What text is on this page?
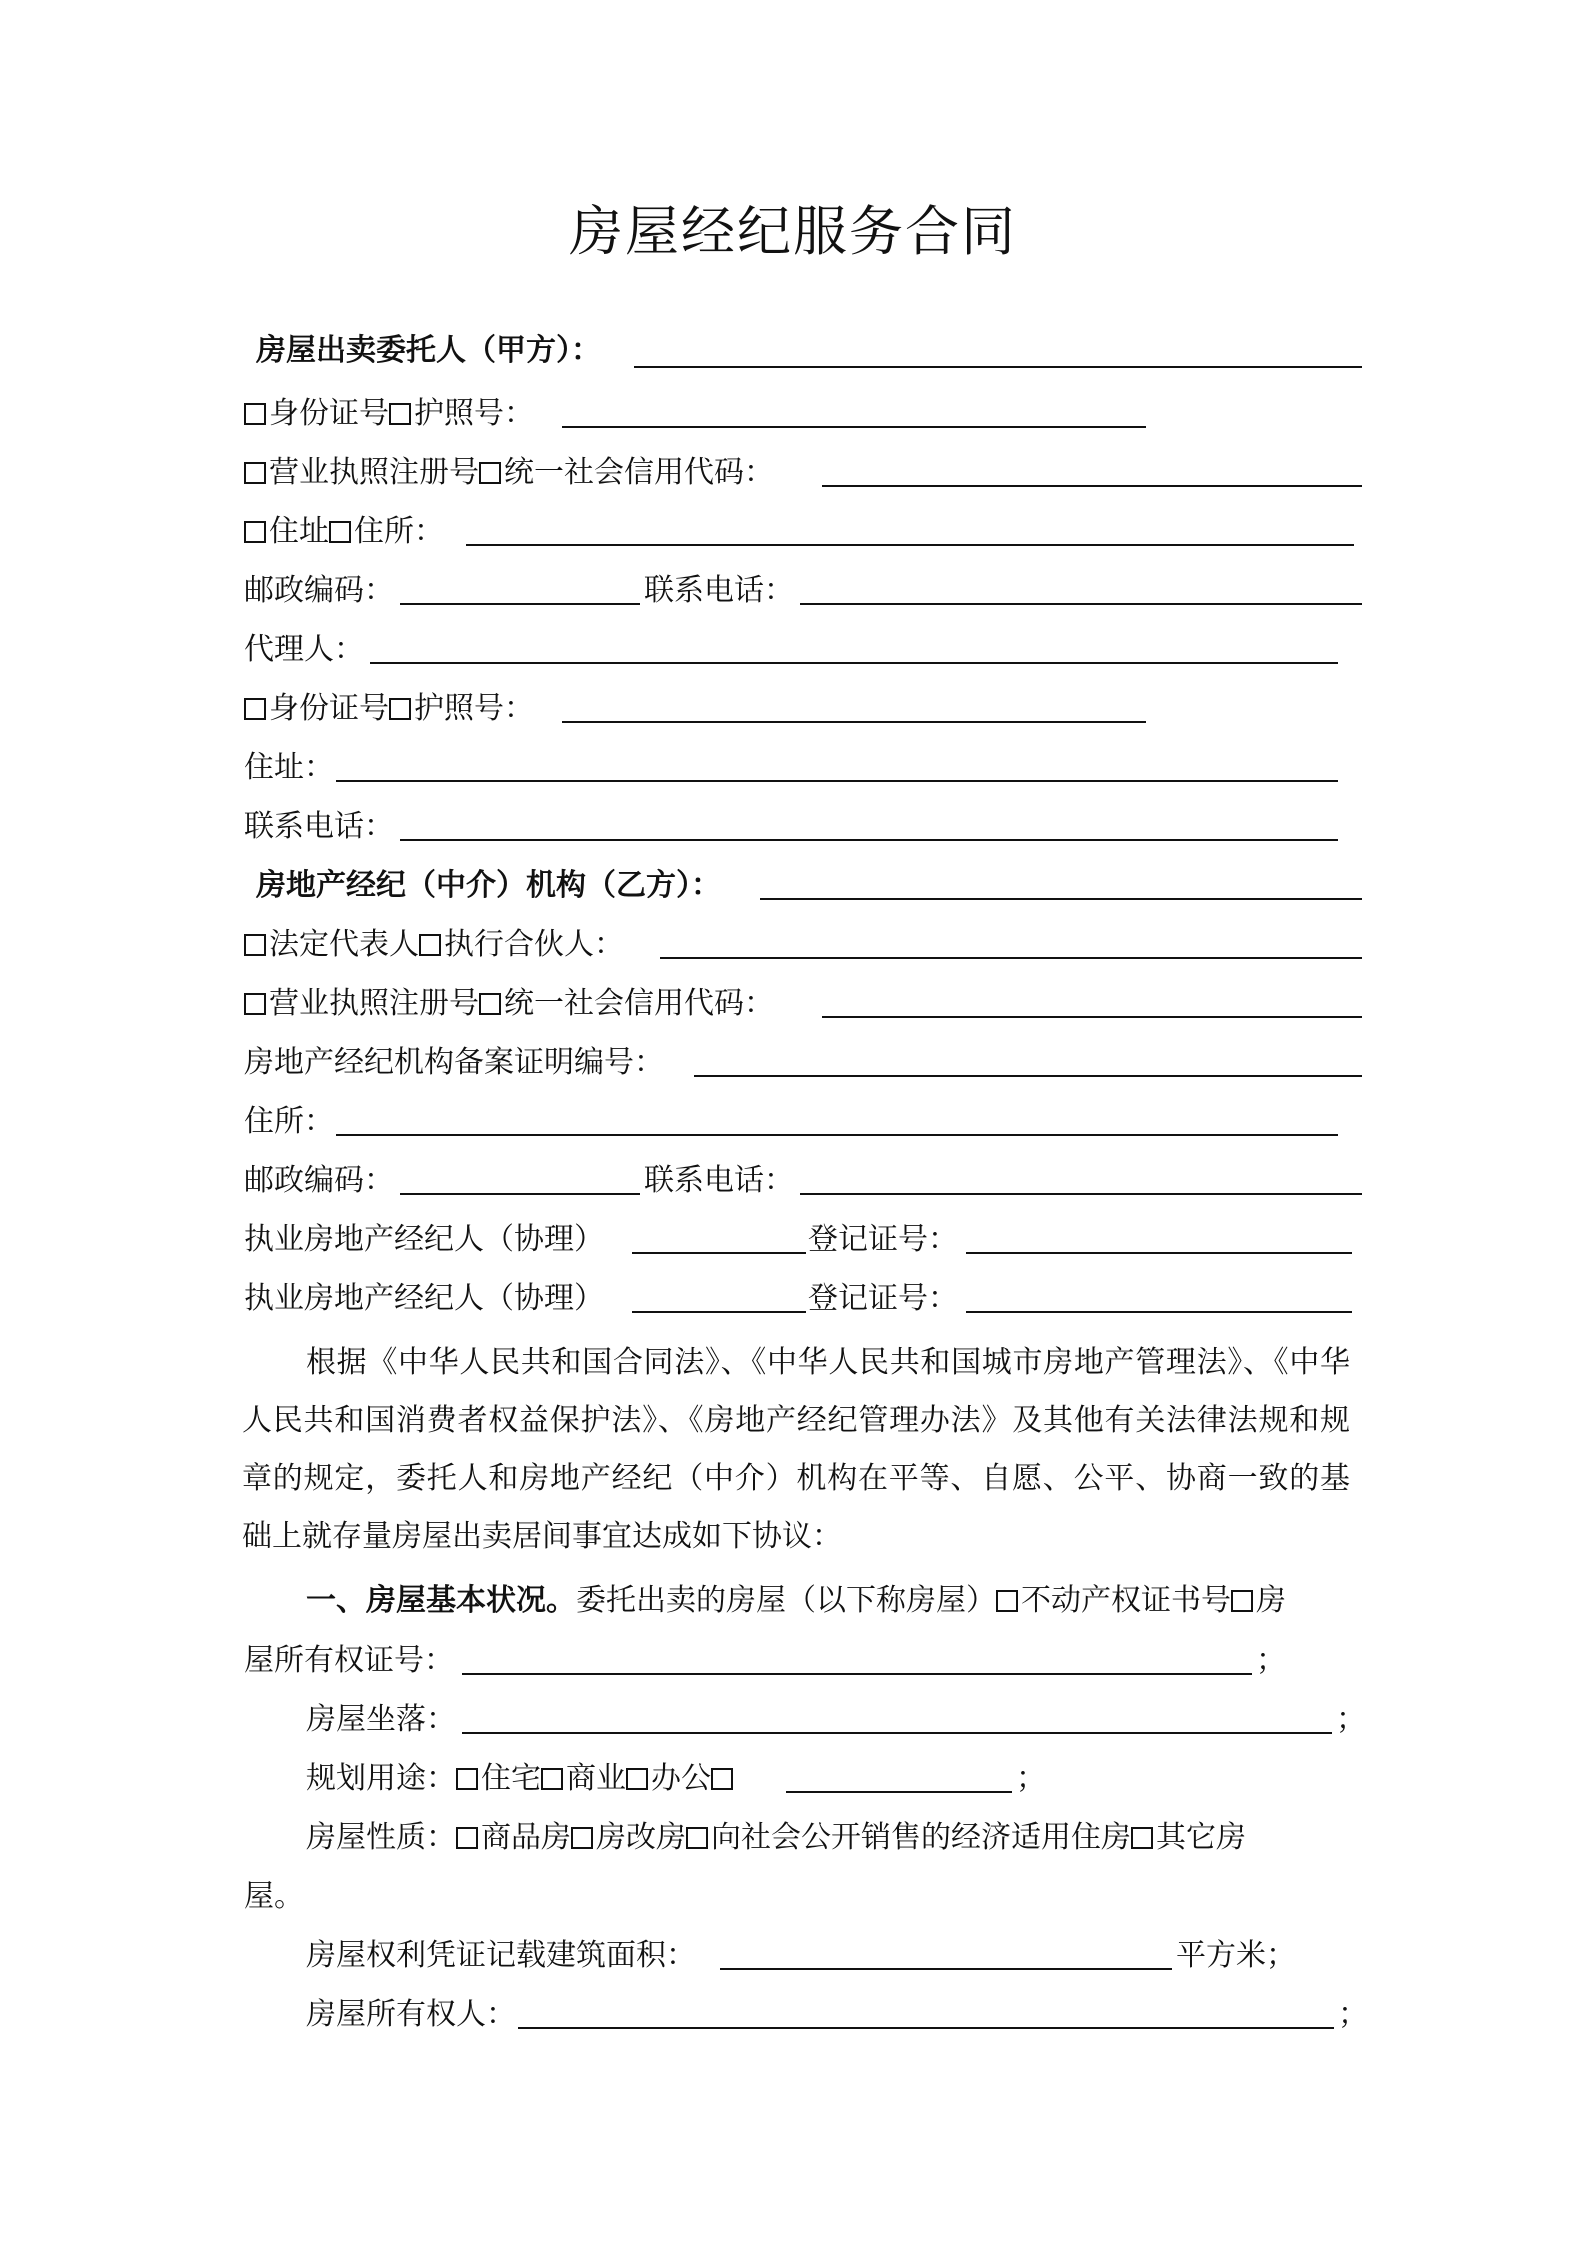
房屋经纪服务合同
房屋出卖委托人（甲方）：
身份证号 护照号：
营业执照注册号 统一社会信用代码：
住址 住所：
邮政编码：	联系电话：
代理人：
身份证号 护照号：
住址：
联系电话：
房地产经纪（中介）机构（乙方）：
法定代表人 执行合伙人：
营业执照注册号 统一社会信用代码：
房地产经纪机构备案证明编号：
住所：
邮政编码：	联系电话：
执业房地产经纪人（协理）	登记证号：
执业房地产经纪人（协理）	登记证号：
根据《中华人民共和国合同法》、《中华人民共和国城市房地产管理法》、《中华人民共和国消费者权益保护法》、《房地产经纪管理办法》及其他有关法律法规和规章的规定，委托人和房地产经纪（中介）机构在平等、自愿、公平、协商一致的基础上就存量房屋出卖居间事宜达成如下协议：
一、房屋基本状况。委托出卖的房屋（以下称房屋） 不动产权证书号 房
屋所有权证号：	；
房屋坐落：	；
规划用途： 住宅 商业 办公	；
房屋性质： 商品房 房改房 向社会公开销售的经济适用住房 其它房
屋。
房屋权利凭证记载建筑面积：	平方米；
房屋所有权人：	；
